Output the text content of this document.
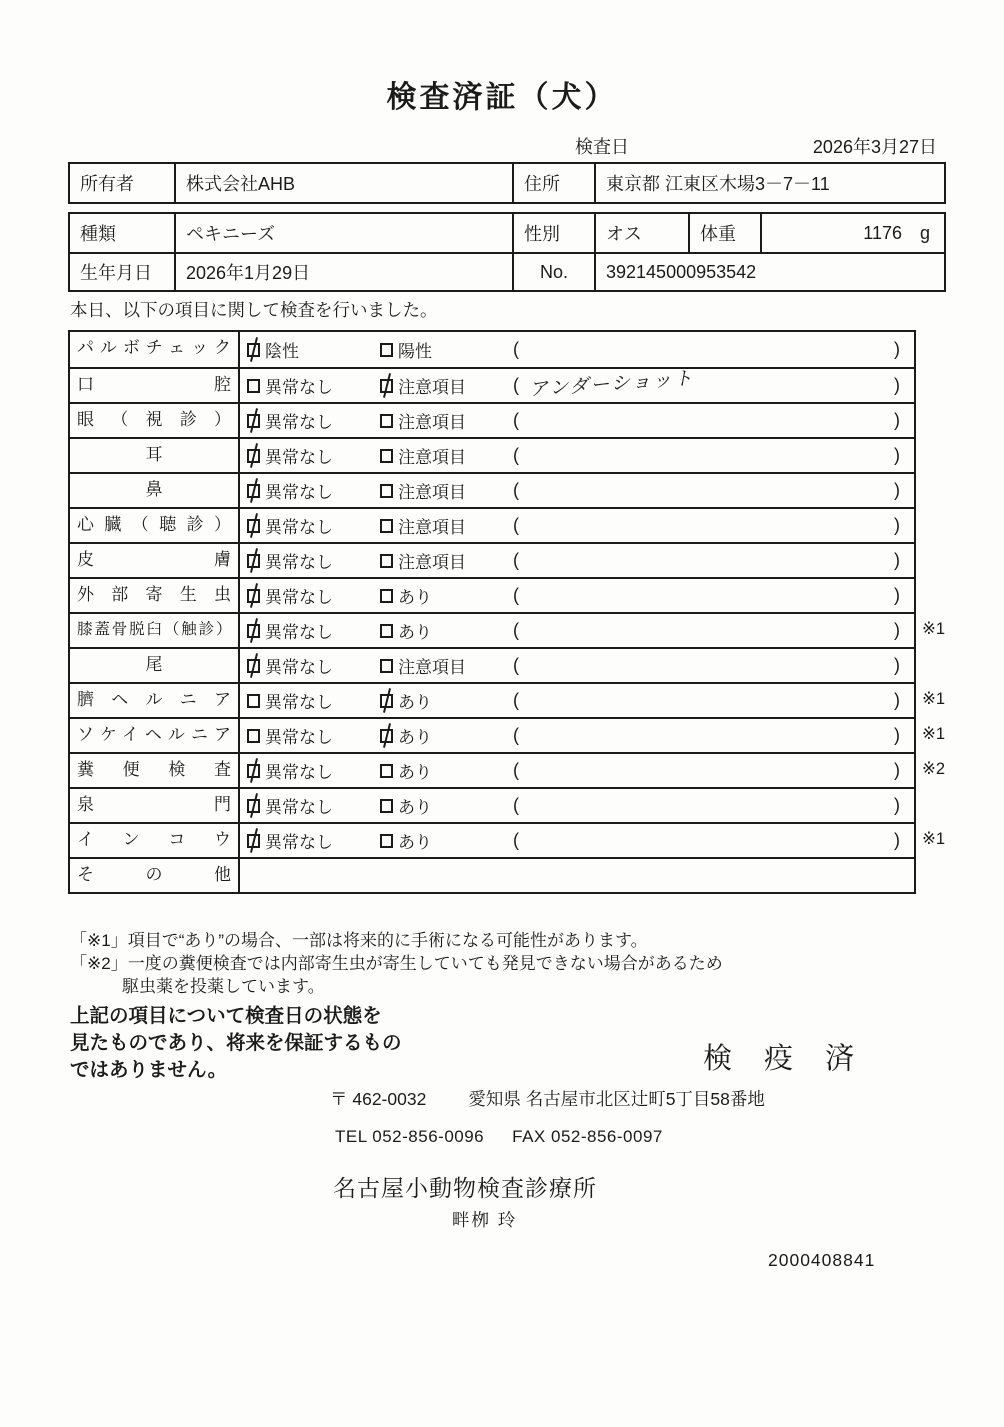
検査済証（犬）
検査日	2026年3月27日
所有者	株式会社AHB	住所	東京都 江東区木場3－7－11
種類	ペキニーズ	性別	オス	体重	1176 g
生年月日	2026年1月29日	No.	392145000953542
本日、以下の項目に関して検査を行いました。
パルボチェック	陰性	陽性	(	)
口腔	異常なし	注意項目	( アンダーショット	)
眼（視診）	異常なし	注意項目	(	)
耳	異常なし	注意項目	(	)
鼻	異常なし	注意項目	(	)
心臓（聴診）	異常なし	注意項目	(	)
皮膚	異常なし	注意項目	(	)
外部寄生虫	異常なし	あり	(	)
膝蓋骨脱臼（触診）	異常なし	あり	(	) ※1
尾	異常なし	注意項目	(	)
臍ヘルニア	異常なし	あり	(	) ※1
ソケイヘルニア	異常なし	あり	(	) ※1
糞便検査	異常なし	あり	(	) ※2
泉門	異常なし	あり	(	)
インコウ	異常なし	あり	(	) ※1
その他
「※1」項目で“あり”の場合、一部は将来的に手術になる可能性があります。
「※2」一度の糞便検査では内部寄生虫が寄生していても発見できない場合があるため
駆虫薬を投薬しています。
上記の項目について検査日の状態を
見たものであり、将来を保証するもの
ではありません。	検 疫 済
〒 462-0032 愛知県 名古屋市北区辻町5丁目58番地
TEL 052-856-0096 FAX 052-856-0097
名古屋小動物検査診療所
畔栁 玲
2000408841
